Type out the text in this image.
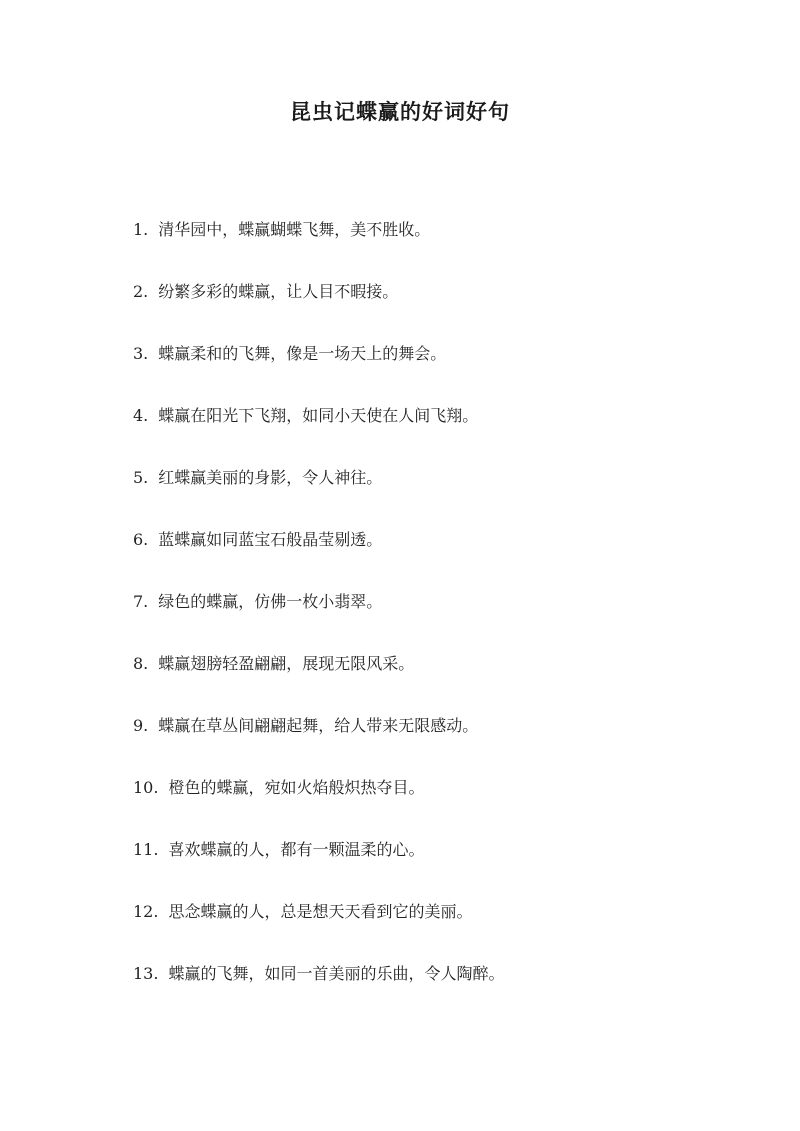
昆虫记蝶赢的好词好句
1. 清华园中，蝶赢蝴蝶飞舞，美不胜收。
2. 纷繁多彩的蝶赢，让人目不暇接。
3. 蝶赢柔和的飞舞，像是一场天上的舞会。
4. 蝶赢在阳光下飞翔，如同小天使在人间飞翔。
5. 红蝶赢美丽的身影，令人神往。
6. 蓝蝶赢如同蓝宝石般晶莹剔透。
7. 绿色的蝶赢，仿佛一枚小翡翠。
8. 蝶赢翅膀轻盈翩翩，展现无限风采。
9. 蝶赢在草丛间翩翩起舞，给人带来无限感动。
10. 橙色的蝶赢，宛如火焰般炽热夺目。
11. 喜欢蝶赢的人，都有一颗温柔的心。
12. 思念蝶赢的人，总是想天天看到它的美丽。
13. 蝶赢的飞舞，如同一首美丽的乐曲，令人陶醉。
